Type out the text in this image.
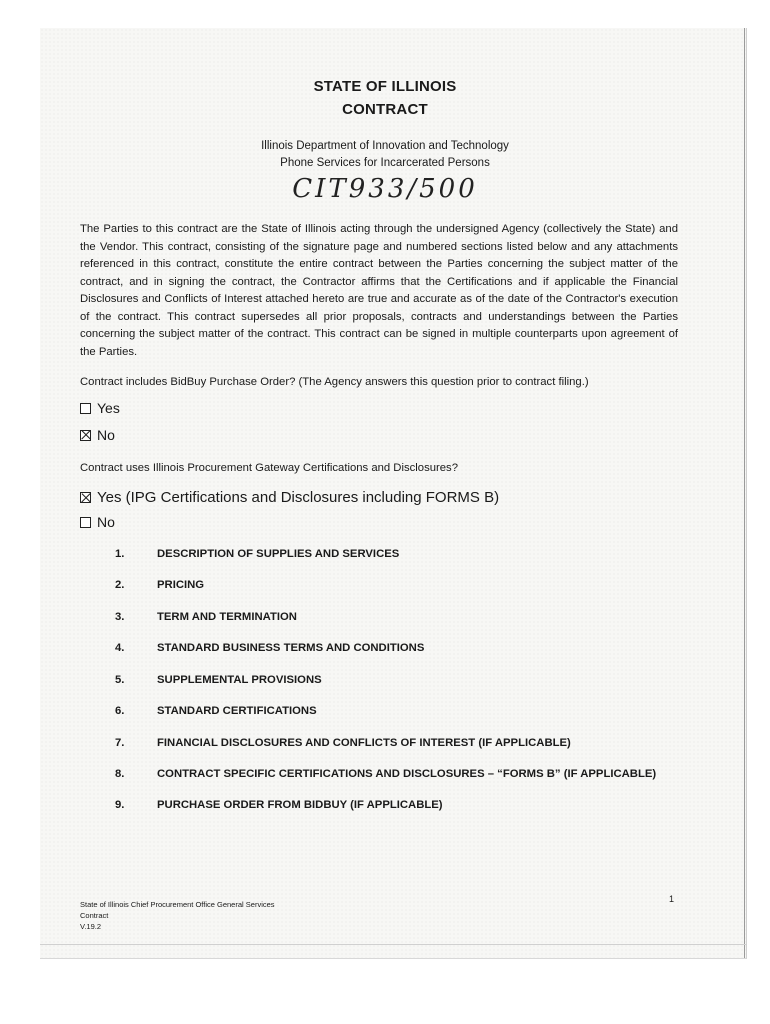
STATE OF ILLINOIS
CONTRACT
Illinois Department of Innovation and Technology
Phone Services for Incarcerated Persons
CIT933/500

The Parties to this contract are the State of Illinois acting through the undersigned Agency (collectively the State) and the Vendor. This contract, consisting of the signature page and numbered sections listed below and any attachments referenced in this contract, constitute the entire contract between the Parties concerning the subject matter of the contract, and in signing the contract, the Contractor affirms that the Certifications and if applicable the Financial Disclosures and Conflicts of Interest attached hereto are true and accurate as of the date of the Contractor's execution of the contract. This contract supersedes all prior proposals, contracts and understandings between the Parties concerning the subject matter of the contract. This contract can be signed in multiple counterparts upon agreement of the Parties.

Contract includes BidBuy Purchase Order? (The Agency answers this question prior to contract filing.)
Yes
No
Contract uses Illinois Procurement Gateway Certifications and Disclosures?
Yes (IPG Certifications and Disclosures including FORMS B)
No
1.	DESCRIPTION OF SUPPLIES AND SERVICES
2.	PRICING
3.	TERM AND TERMINATION
4.	STANDARD BUSINESS TERMS AND CONDITIONS
5.	SUPPLEMENTAL PROVISIONS
6.	STANDARD CERTIFICATIONS
7.	FINANCIAL DISCLOSURES AND CONFLICTS OF INTEREST (IF APPLICABLE)
8.	CONTRACT SPECIFIC CERTIFICATIONS AND DISCLOSURES – “FORMS B” (IF APPLICABLE)
9.	PURCHASE ORDER FROM BIDBUY (IF APPLICABLE)
State of Illinois Chief Procurement Office General Services
Contract
V.19.2
1
